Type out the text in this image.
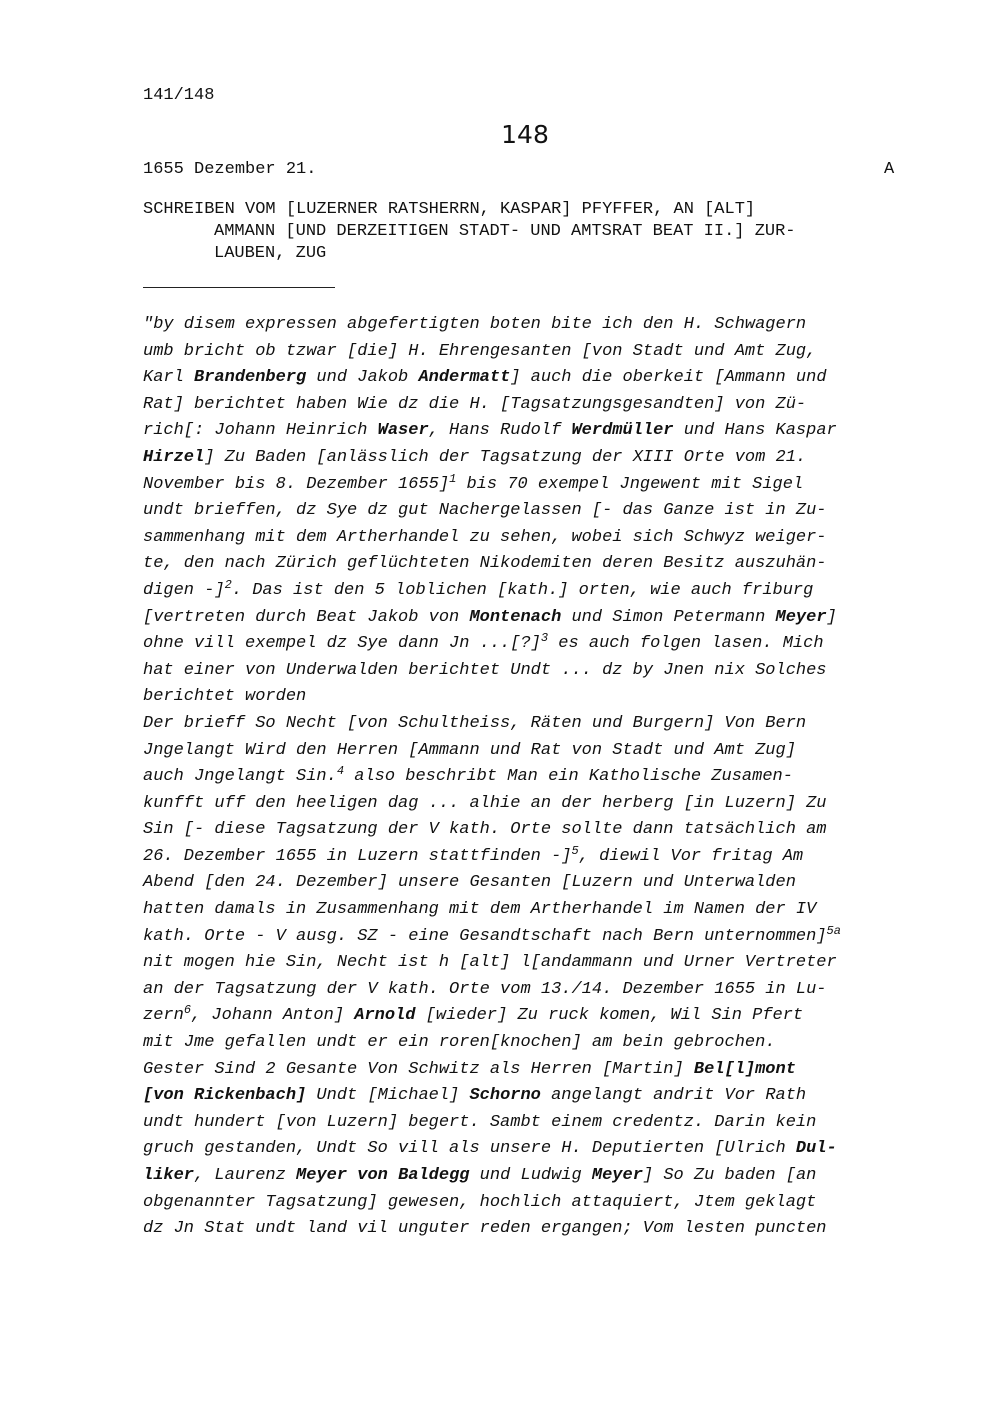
141/148
148
1655 Dezember 21.	A
SCHREIBEN VOM [LUZERNER RATSHERRN, KASPAR] PFYFFER, AN [ALT]
AMMANN [UND DERZEITIGEN STADT- UND AMTSRAT BEAT II.] ZUR-
LAUBEN, ZUG
"by disem expressen abgefertigten boten bite ich den H. Schwagern
umb bricht ob tzwar [die] H. Ehrengesanten [von Stadt und Amt Zug,
Karl Brandenberg und Jakob Andermatt] auch die oberkeit [Ammann und
Rat] berichtet haben Wie dz die H. [Tagsatzungsgesandten] von Zü-
rich[: Johann Heinrich Waser, Hans Rudolf Werdmüller und Hans Kaspar
Hirzel] Zu Baden [anlässlich der Tagsatzung der XIII Orte vom 21.
November bis 8. Dezember 1655]$^1$ bis 70 exempel Jngewent mit Sigel
undt brieffen, dz Sye dz gut Nachergelassen [- das Ganze ist in Zu-
sammenhang mit dem Artherhandel zu sehen, wobei sich Schwyz weiger-
te, den nach Zürich geflüchteten Nikodemiten deren Besitz auszuhän-
digen -]$^2$. Das ist den 5 loblichen [kath.] orten, wie auch friburg
[vertreten durch Beat Jakob von Montenach und Simon Petermann Meyer]
ohne vill exempel dz Sye dann Jn ...[?]$^3$ es auch folgen lasen. Mich
hat einer von Underwalden berichtet Undt ... dz by Jnen nix Solches
berichtet worden
Der brieff So Necht [von Schultheiss, Räten und Burgern] Von Bern
Jngelangt Wird den Herren [Ammann und Rat von Stadt und Amt Zug]
auch Jngelangt Sin.$^4$ also beschribt Man ein Katholische Zusamen-
kunfft uff den heeligen dag ... alhie an der herberg [in Luzern] Zu
Sin [- diese Tagsatzung der V kath. Orte sollte dann tatsächlich am
26. Dezember 1655 in Luzern stattfinden -]$^5$, diewil Vor fritag Am
Abend [den 24. Dezember] unsere Gesanten [Luzern und Unterwalden
hatten damals in Zusammenhang mit dem Artherhandel im Namen der IV
kath. Orte - V ausg. SZ - eine Gesandtschaft nach Bern unternommen]$^{5a}$
nit mogen hie Sin, Necht ist h [alt] l[andammann und Urner Vertreter
an der Tagsatzung der V kath. Orte vom 13./14. Dezember 1655 in Lu-
zern$^6$, Johann Anton] Arnold [wieder] Zu ruck komen, Wil Sin Pfert
mit Jme gefallen undt er ein roren[knochen] am bein gebrochen.
Gester Sind 2 Gesante Von Schwitz als Herren [Martin] Bel[l]mont
[von Rickenbach] Undt [Michael] Schorno angelangt andrit Vor Rath
undt hundert [von Luzern] begert. Sambt einem credentz. Darin kein
gruch gestanden, Undt So vill als unsere H. Deputierten [Ulrich Dul-
liker, Laurenz Meyer von Baldegg und Ludwig Meyer] So Zu baden [an
obgenannter Tagsatzung] gewesen, hochlich attaquiert, Jtem geklagt
dz Jn Stat undt land vil unguter reden ergangen; Vom lesten puncten
